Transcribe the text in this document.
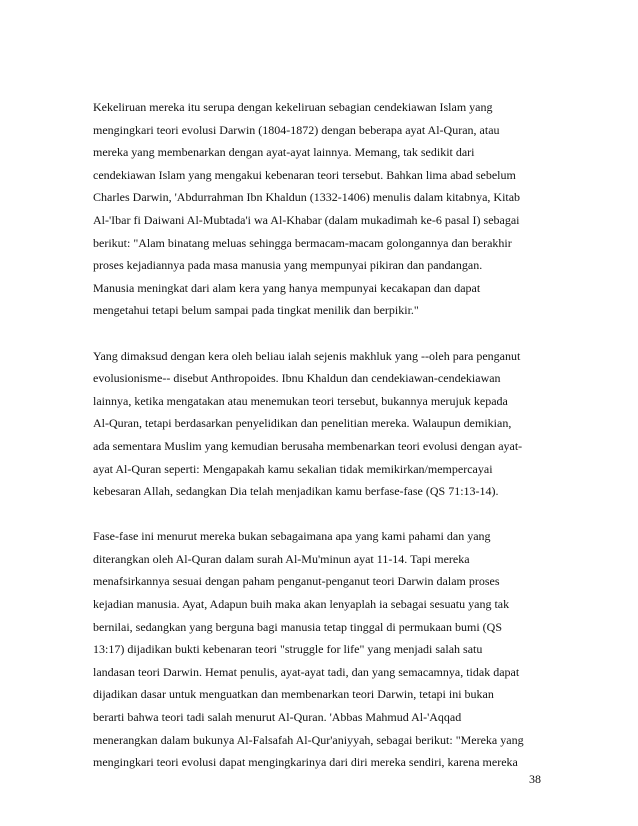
Kekeliruan mereka itu serupa dengan kekeliruan sebagian cendekiawan Islam yang
mengingkari teori evolusi Darwin (1804-1872) dengan beberapa ayat Al-Quran, atau
mereka yang membenarkan dengan ayat-ayat lainnya. Memang, tak sedikit dari
cendekiawan Islam yang mengakui kebenaran teori tersebut. Bahkan lima abad sebelum
Charles Darwin, 'Abdurrahman Ibn Khaldun (1332-1406) menulis dalam kitabnya, Kitab
Al-'Ibar fi Daiwani Al-Mubtada'i wa Al-Khabar (dalam mukadimah ke-6 pasal I) sebagai
berikut: "Alam binatang meluas sehingga bermacam-macam golongannya dan berakhir
proses kejadiannya pada masa manusia yang mempunyai pikiran dan pandangan.
Manusia meningkat dari alam kera yang hanya mempunyai kecakapan dan dapat
mengetahui tetapi belum sampai pada tingkat menilik dan berpikir."
Yang dimaksud dengan kera oleh beliau ialah sejenis makhluk yang --oleh para penganut
evolusionisme-- disebut Anthropoides. Ibnu Khaldun dan cendekiawan-cendekiawan
lainnya, ketika mengatakan atau menemukan teori tersebut, bukannya merujuk kepada
Al-Quran, tetapi berdasarkan penyelidikan dan penelitian mereka. Walaupun demikian,
ada sementara Muslim yang kemudian berusaha membenarkan teori evolusi dengan ayat-
ayat Al-Quran seperti: Mengapakah kamu sekalian tidak memikirkan/mempercayai
kebesaran Allah, sedangkan Dia telah menjadikan kamu berfase-fase (QS 71:13-14).
Fase-fase ini menurut mereka bukan sebagaimana apa yang kami pahami dan yang
diterangkan oleh Al-Quran dalam surah Al-Mu'minun ayat 11-14. Tapi mereka
menafsirkannya sesuai dengan paham penganut-penganut teori Darwin dalam proses
kejadian manusia. Ayat, Adapun buih maka akan lenyaplah ia sebagai sesuatu yang tak
bernilai, sedangkan yang berguna bagi manusia tetap tinggal di permukaan bumi (QS
13:17) dijadikan bukti kebenaran teori "struggle for life" yang menjadi salah satu
landasan teori Darwin. Hemat penulis, ayat-ayat tadi, dan yang semacamnya, tidak dapat
dijadikan dasar untuk menguatkan dan membenarkan teori Darwin, tetapi ini bukan
berarti bahwa teori tadi salah menurut Al-Quran. 'Abbas Mahmud Al-'Aqqad
menerangkan dalam bukunya Al-Falsafah Al-Qur'aniyyah, sebagai berikut: "Mereka yang
mengingkari teori evolusi dapat mengingkarinya dari diri mereka sendiri, karena mereka
38
